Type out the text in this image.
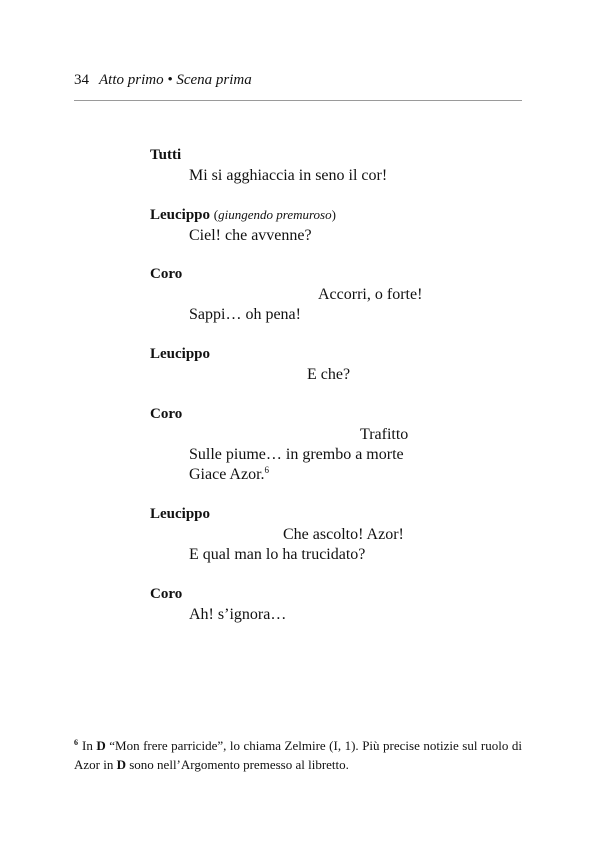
34 Atto primo • Scena prima
Tutti
Mi si agghiaccia in seno il cor!
Leucippo (giungendo premuroso)
Ciel! che avvenne?
Coro
Accorri, o forte!
Sappi… oh pena!
Leucippo
E che?
Coro
Trafitto
Sulle piume… in grembo a morte
Giace Azor.$^6$
Leucippo
Che ascolto! Azor!
E qual man lo ha trucidato?
Coro
Ah! s’ignora…
$^6$ In D “Mon frere parricide”, lo chiama Zelmire (I, 1). Più precise notizie sul ruolo di Azor in D sono nell’Argomento premesso al libretto.
